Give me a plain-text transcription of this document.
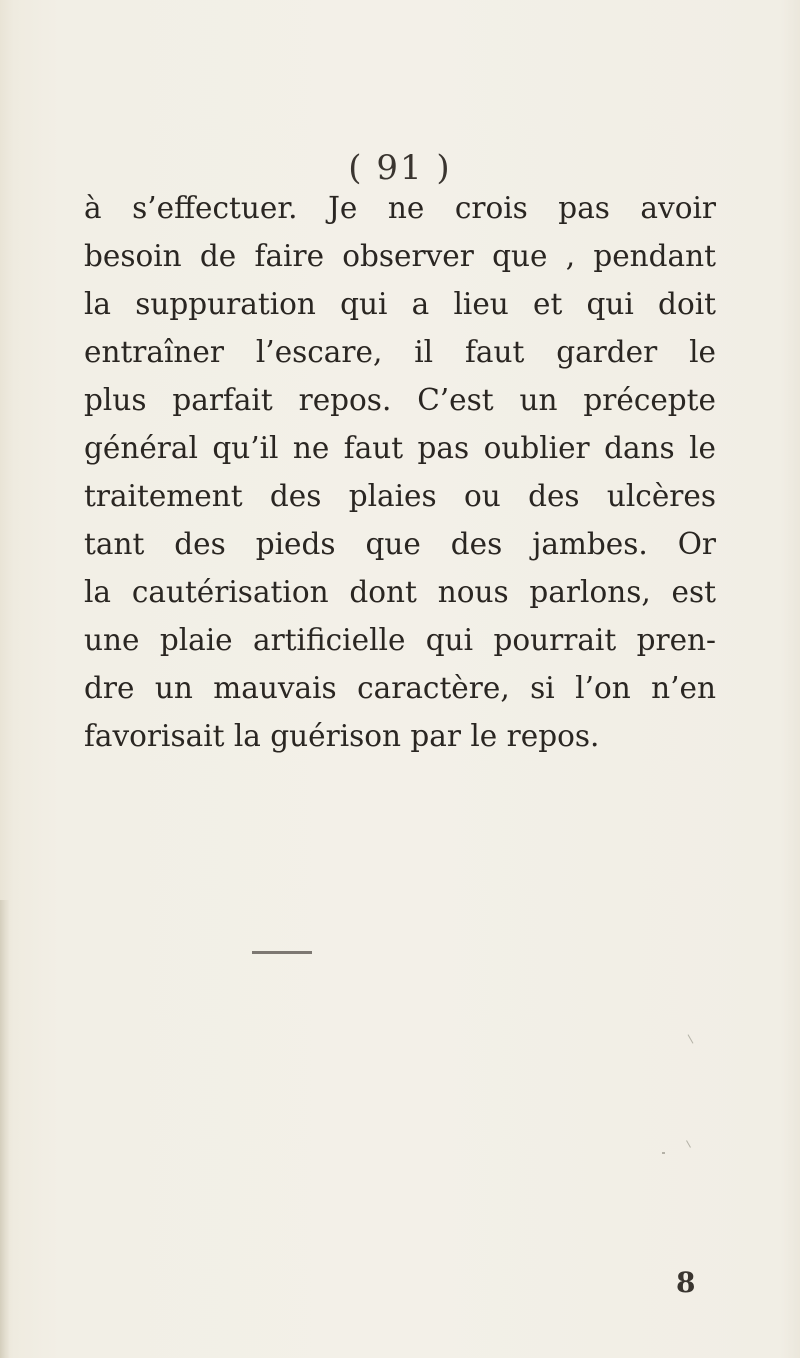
( 91 )
à s’effectuer. Je ne crois pas avoir
besoin de faire observer que , pendant
la suppuration qui a lieu et qui doit
entraîner l’escare, il faut garder le
plus parfait repos. C’est un précepte
général qu’il ne faut pas oublier dans le
traitement des plaies ou des ulcères
tant des pieds que des jambes. Or
la cautérisation dont nous parlons, est
une plaie artificielle qui pourrait pren-
dre un mauvais caractère, si l’on n’en
favorisait la guérison par le repos.
8
